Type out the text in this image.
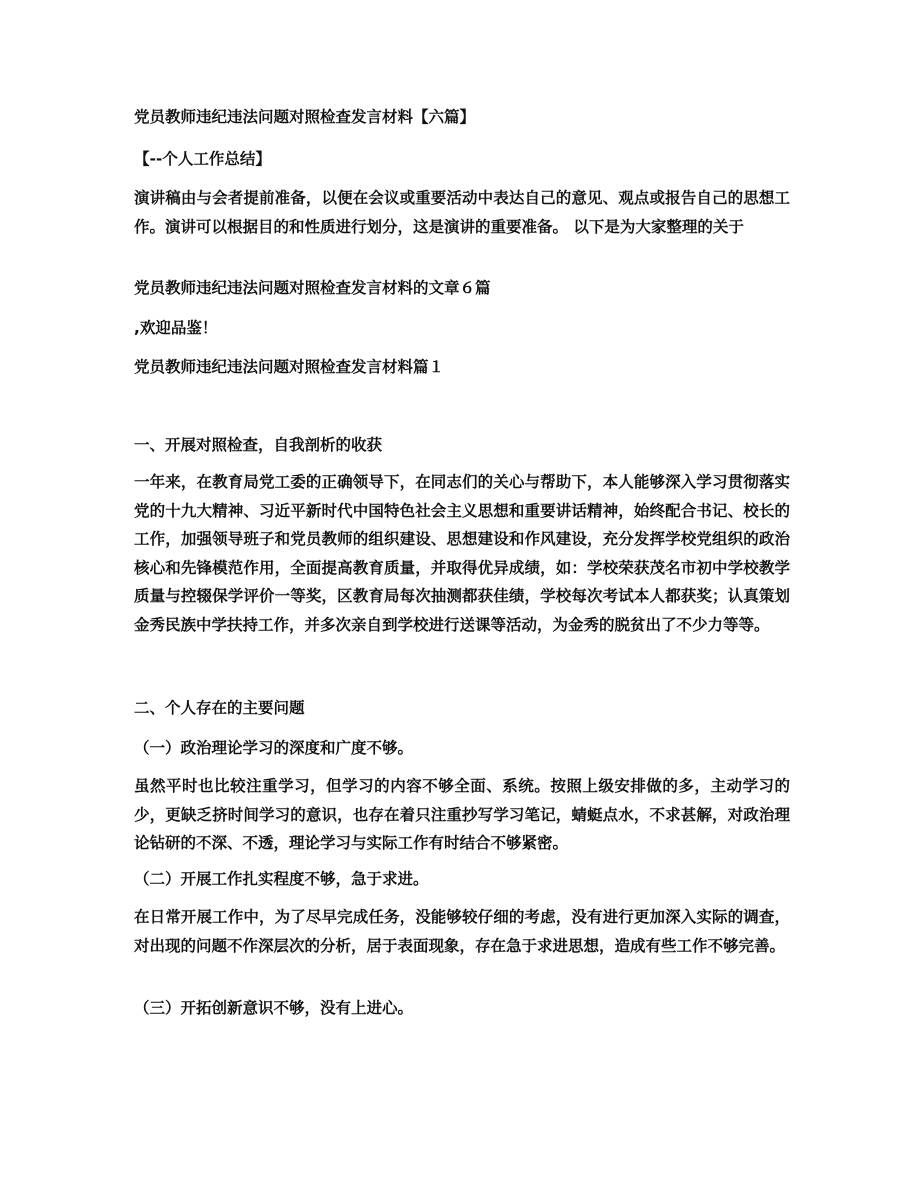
党员教师违纪违法问题对照检查发言材料【六篇】

【--个人工作总结】

演讲稿由与会者提前准备，以便在会议或重要活动中表达自己的意见、观点或报告自己的思想工作。演讲可以根据目的和性质进行划分，这是演讲的重要准备。 以下是为大家整理的关于

党员教师违纪违法问题对照检查发言材料的文章６篇

,欢迎品鉴！

党员教师违纪违法问题对照检查发言材料篇１

一、开展对照检查，自我剖析的收获

一年来，在教育局党工委的正确领导下，在同志们的关心与帮助下，本人能够深入学习贯彻落实党的十九大精神、习近平新时代中国特色社会主义思想和重要讲话精神，始终配合书记、校长的工作，加强领导班子和党员教师的组织建设、思想建设和作风建设，充分发挥学校党组织的政治核心和先锋模范作用，全面提高教育质量，并取得优异成绩，如：学校荣获茂名市初中学校教学质量与控辍保学评价一等奖，区教育局每次抽测都获佳绩，学校每次考试本人都获奖；认真策划金秀民族中学扶持工作，并多次亲自到学校进行送课等活动，为金秀的脱贫出了不少力等等。

二、个人存在的主要问题

（一）政治理论学习的深度和广度不够。

虽然平时也比较注重学习，但学习的内容不够全面、系统。按照上级安排做的多，主动学习的少，更缺乏挤时间学习的意识，也存在着只注重抄写学习笔记，蜻蜓点水，不求甚解，对政治理论钻研的不深、不透，理论学习与实际工作有时结合不够紧密。

（二）开展工作扎实程度不够，急于求进。

在日常开展工作中，为了尽早完成任务，没能够较仔细的考虑，没有进行更加深入实际的调查，对出现的问题不作深层次的分析，居于表面现象，存在急于求进思想，造成有些工作不够完善。

（三）开拓创新意识不够，没有上进心。
